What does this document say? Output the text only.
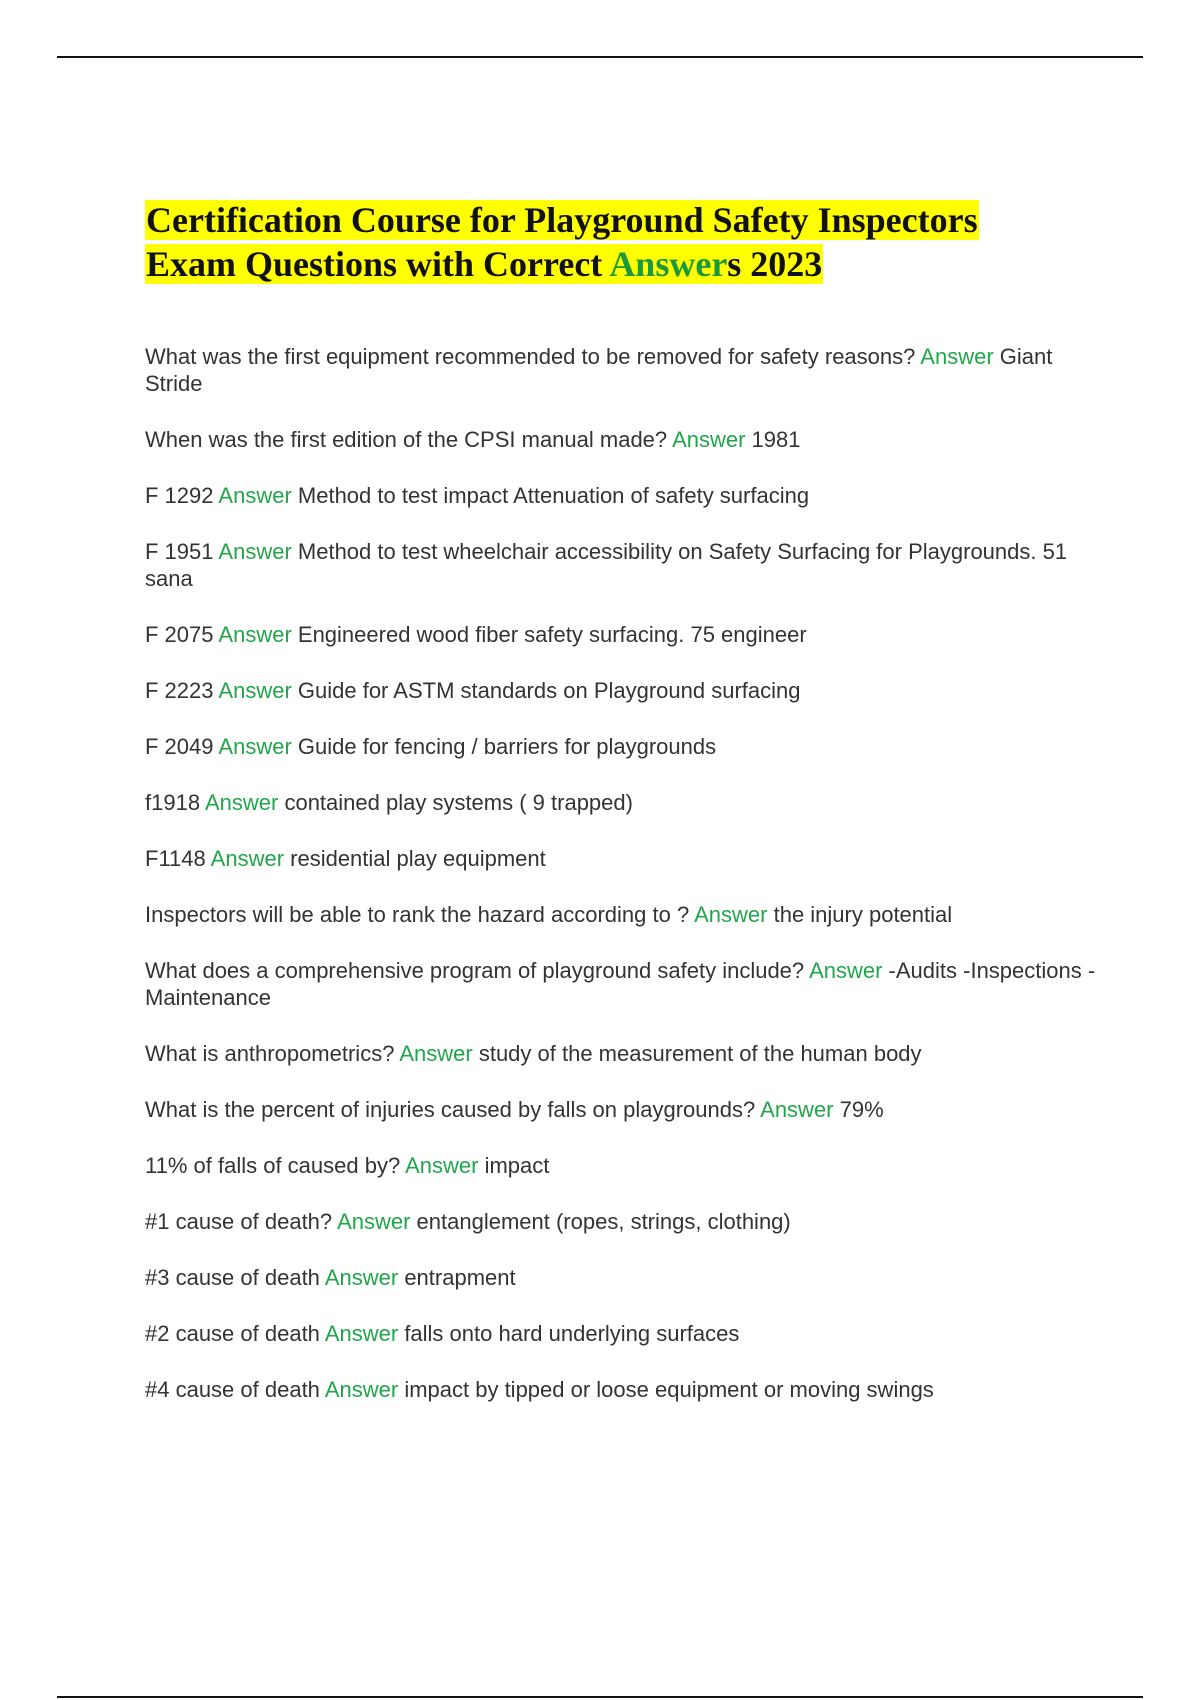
Certification Course for Playground Safety Inspectors
Exam Questions with Correct Answers 2023

What was the first equipment recommended to be removed for safety reasons? Answer Giant Stride

When was the first edition of the CPSI manual made? Answer 1981

F 1292 Answer Method to test impact Attenuation of safety surfacing

F 1951 Answer Method to test wheelchair accessibility on Safety Surfacing for Playgrounds. 51 sana

F 2075 Answer Engineered wood fiber safety surfacing. 75 engineer

F 2223 Answer Guide for ASTM standards on Playground surfacing

F 2049 Answer Guide for fencing / barriers for playgrounds

f1918 Answer contained play systems ( 9 trapped)

F1148 Answer residential play equipment

Inspectors will be able to rank the hazard according to ? Answer the injury potential

What does a comprehensive program of playground safety include? Answer -Audits -Inspections -Maintenance

What is anthropometrics? Answer study of the measurement of the human body

What is the percent of injuries caused by falls on playgrounds? Answer 79%

11% of falls of caused by? Answer impact

#1 cause of death? Answer entanglement (ropes, strings, clothing)

#3 cause of death Answer entrapment

#2 cause of death Answer falls onto hard underlying surfaces

#4 cause of death Answer impact by tipped or loose equipment or moving swings
